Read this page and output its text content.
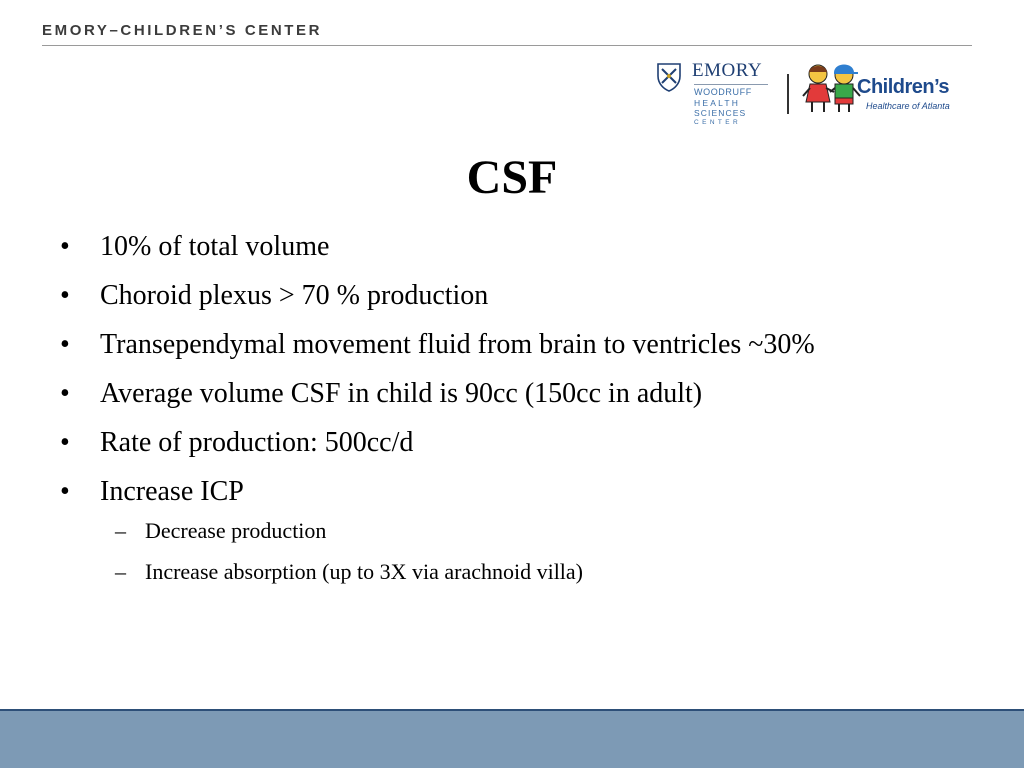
EMORY–CHILDREN’S CENTER
EMORY
WOODRUFF
HEALTH
SCIENCES
CENTER
Children’s
Healthcare of Atlanta
CSF
• 10% of total volume
• Choroid plexus > 70 % production
• Transependymal movement fluid from brain to ventricles ~30%
• Average volume CSF in child is 90cc (150cc in adult)
• Rate of production: 500cc/d
• Increase ICP
– Decrease production
– Increase absorption (up to 3X via arachnoid villa)
